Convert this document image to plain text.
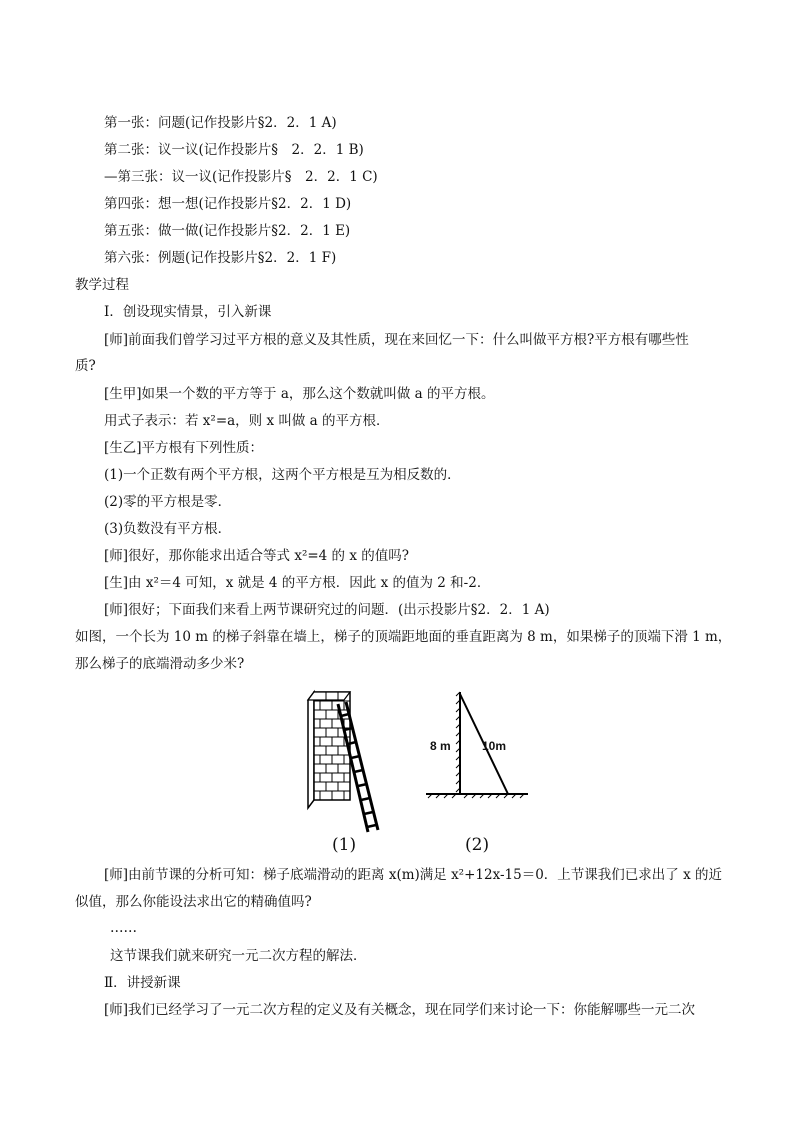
第一张：问题(记作投影片§2．2．1 A)
第二张：议一议(记作投影片§　2．2．1 B)
—第三张：议一议(记作投影片§　2．2．1 C)
第四张：想一想(记作投影片§2．2．1 D)
第五张：做一做(记作投影片§2．2．1 E)
第六张：例题(记作投影片§2．2．1 F)
教学过程
Ⅰ．创设现实情景，引入新课
[师]前面我们曾学习过平方根的意义及其性质，现在来回忆一下：什么叫做平方根?平方根有哪些性
质?
[生甲]如果一个数的平方等于 a，那么这个数就叫做 a 的平方根。
用式子表示：若 x²=a，则 x 叫做 a 的平方根．
[生乙]平方根有下列性质：
(1)一个正数有两个平方根，这两个平方根是互为相反数的．
(2)零的平方根是零．
(3)负数没有平方根．
[师]很好，那你能求出适合等式 x²=4 的 x 的值吗?
[生]由 x²＝4 可知，x 就是 4 的平方根．因此 x 的值为 2 和-2．
[师]很好；下面我们来看上两节课研究过的问题．(出示投影片§2．2．1 A)
如图，一个长为 10 m 的梯子斜靠在墙上，梯子的顶端距地面的垂直距离为 8 m，如果梯子的顶端下滑 1 m，
那么梯子的底端滑动多少米?
8 m	10m
(1)	(2)
[师]由前节课的分析可知：梯子底端滑动的距离 x(m)满足 x²+12x-15＝0．上节课我们已求出了 x 的近
似值，那么你能设法求出它的精确值吗?
……
这节课我们就来研究一元二次方程的解法．
Ⅱ．讲授新课
[师]我们已经学习了一元二次方程的定义及有关概念，现在同学们来讨论一下：你能解哪些一元二次
